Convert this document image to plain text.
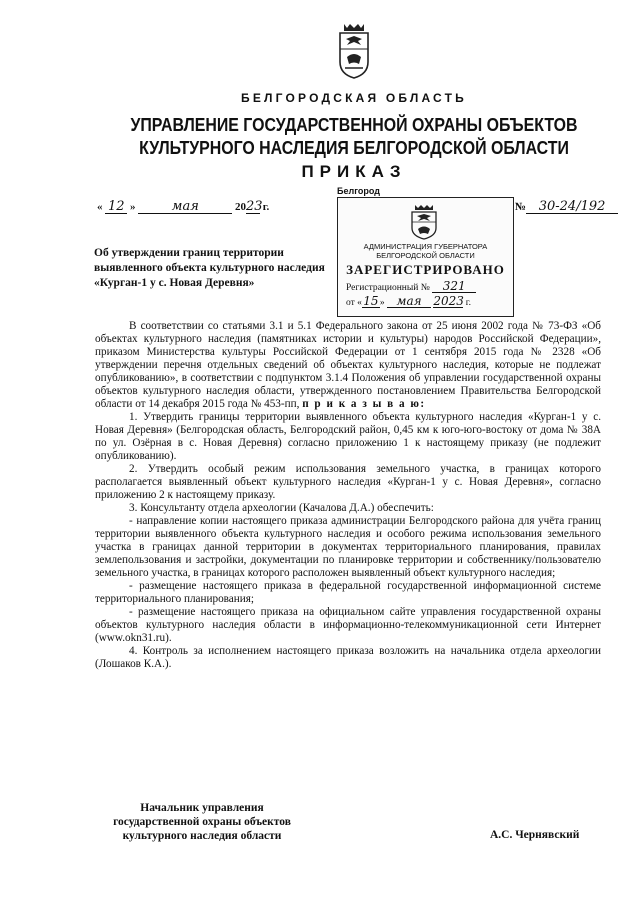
БЕЛГОРОДСКАЯ ОБЛАСТЬ
УПРАВЛЕНИЕ ГОСУДАРСТВЕННОЙ ОХРАНЫ ОБЪЕКТОВ
КУЛЬТУРНОГО НАСЛЕДИЯ БЕЛГОРОДСКОЙ ОБЛАСТИ
ПРИКАЗ
Белгород
« 12 »	мая	2023 г.	№ 30-24/192
АДМИНИСТРАЦИЯ ГУБЕРНАТОРА
БЕЛГОРОДСКОЙ ОБЛАСТИ
ЗАРЕГИСТРИРОВАНО
Регистрационный № 321
от «15» мая 2023 г.
Об утверждении границ территории выявленного объекта культурного наследия «Курган-1 у с. Новая Деревня»

В соответствии со статьями 3.1 и 5.1 Федерального закона от 25 июня 2002 года № 73-ФЗ «Об объектах культурного наследия (памятниках истории и культуры) народов Российской Федерации», приказом Министерства культуры Российской Федерации от 1 сентября 2015 года № 2328 «Об утверждении перечня отдельных сведений об объектах культурного наследия, которые не подлежат опубликованию», в соответствии с подпунктом 3.1.4 Положения об управлении государственной охраны объектов культурного наследия области, утвержденного постановлением Правительства Белгородской области от 14 декабря 2015 года № 453-пп, п р и к а з ы в а ю:

1. Утвердить границы территории выявленного объекта культурного наследия «Курган-1 у с. Новая Деревня» (Белгородская область, Белгородский район, 0,45 км к юго-юго-востоку от дома № 38А по ул. Озёрная в с. Новая Деревня) согласно приложению 1 к настоящему приказу (не подлежит опубликованию).

2. Утвердить особый режим использования земельного участка, в границах которого располагается выявленный объект культурного наследия «Курган-1 у с. Новая Деревня», согласно приложению 2 к настоящему приказу.

3. Консультанту отдела археологии (Качалова Д.А.) обеспечить:

- направление копии настоящего приказа администрации Белгородского района для учёта границ территории выявленного объекта культурного наследия и особого режима использования земельного участка в границах данной территории в документах территориального планирования, правилах землепользования и застройки, документации по планировке территории и собственнику/пользователю земельного участка, в границах которого расположен выявленный объект культурного наследия;

- размещение настоящего приказа в федеральной государственной информационной системе территориального планирования;

- размещение настоящего приказа на официальном сайте управления государственной охраны объектов культурного наследия области в информационно-телекоммуникационной сети Интернет (www.okn31.ru).

4. Контроль за исполнением настоящего приказа возложить на начальника отдела археологии (Лошаков К.А.).

Начальник управления
государственной охраны объектов
культурного наследия области	А.С. Чернявский
